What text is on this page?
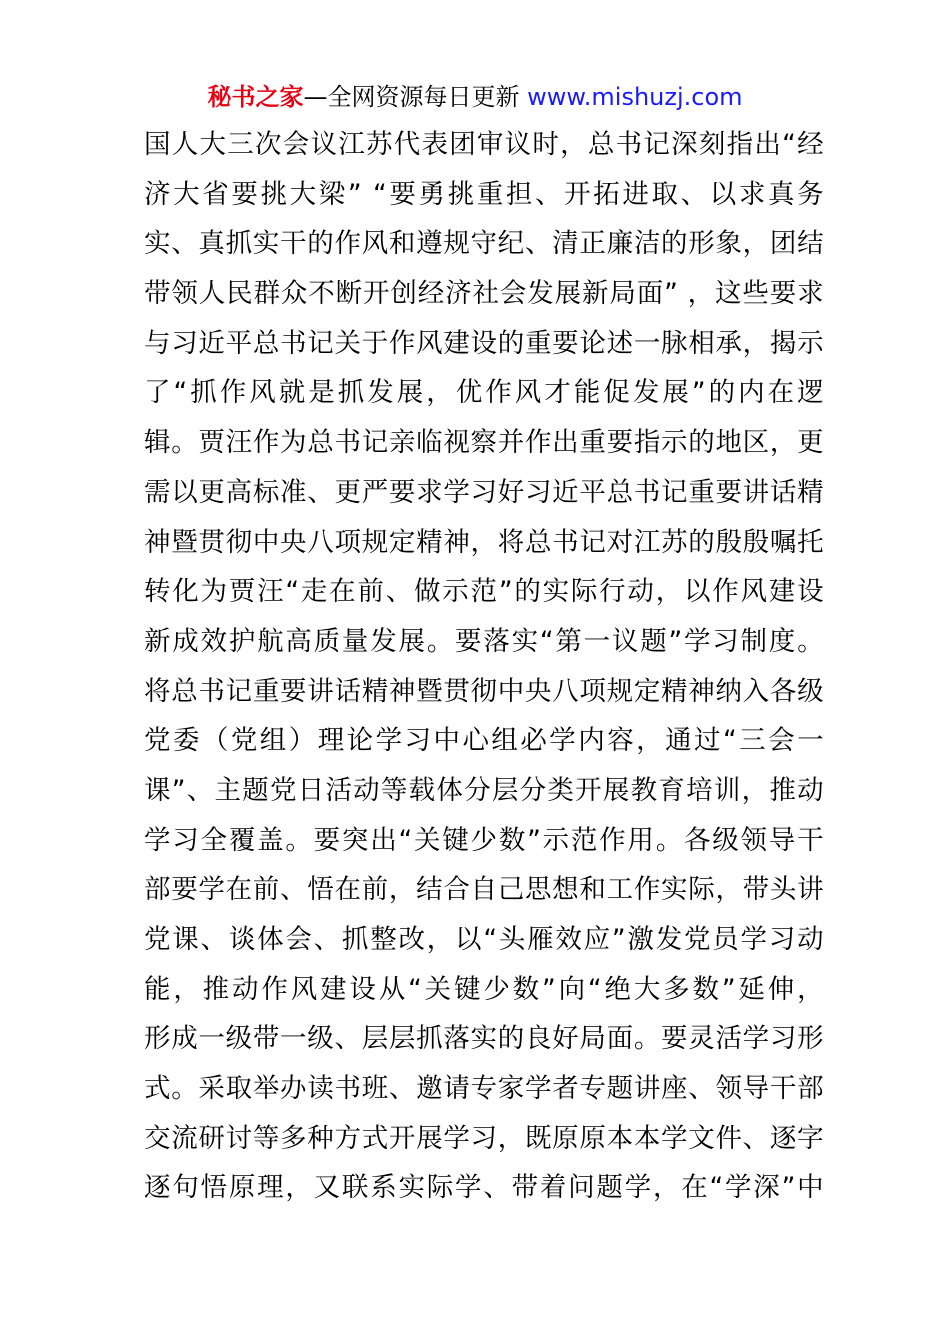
秘书之家—全网资源每日更新 www.mishuzj.com
国人大三次会议江苏代表团审议时，总书记深刻指出“经
济大省要挑大梁” “要勇挑重担、开拓进取、以求真务
实、真抓实干的作风和遵规守纪、清正廉洁的形象，团结
带领人民群众不断开创经济社会发展新局面” ，这些要求
与习近平总书记关于作风建设的重要论述一脉相承，揭示
了“抓作风就是抓发展，优作风才能促发展”的内在逻
辑。贾汪作为总书记亲临视察并作出重要指示的地区，更
需以更高标准、更严要求学习好习近平总书记重要讲话精
神暨贯彻中央八项规定精神，将总书记对江苏的殷殷嘱托
转化为贾汪“走在前、做示范”的实际行动，以作风建设
新成效护航高质量发展。要落实“第一议题”学习制度。
将总书记重要讲话精神暨贯彻中央八项规定精神纳入各级
党委（党组）理论学习中心组必学内容，通过“三会一
课”、主题党日活动等载体分层分类开展教育培训，推动
学习全覆盖。要突出“关键少数”示范作用。各级领导干
部要学在前、悟在前，结合自己思想和工作实际，带头讲
党课、谈体会、抓整改，以“头雁效应”激发党员学习动
能，推动作风建设从“关键少数”向“绝大多数”延伸，
形成一级带一级、层层抓落实的良好局面。要灵活学习形
式。采取举办读书班、邀请专家学者专题讲座、领导干部
交流研讨等多种方式开展学习，既原原本本学文件、逐字
逐句悟原理，又联系实际学、带着问题学，在“学深”中
